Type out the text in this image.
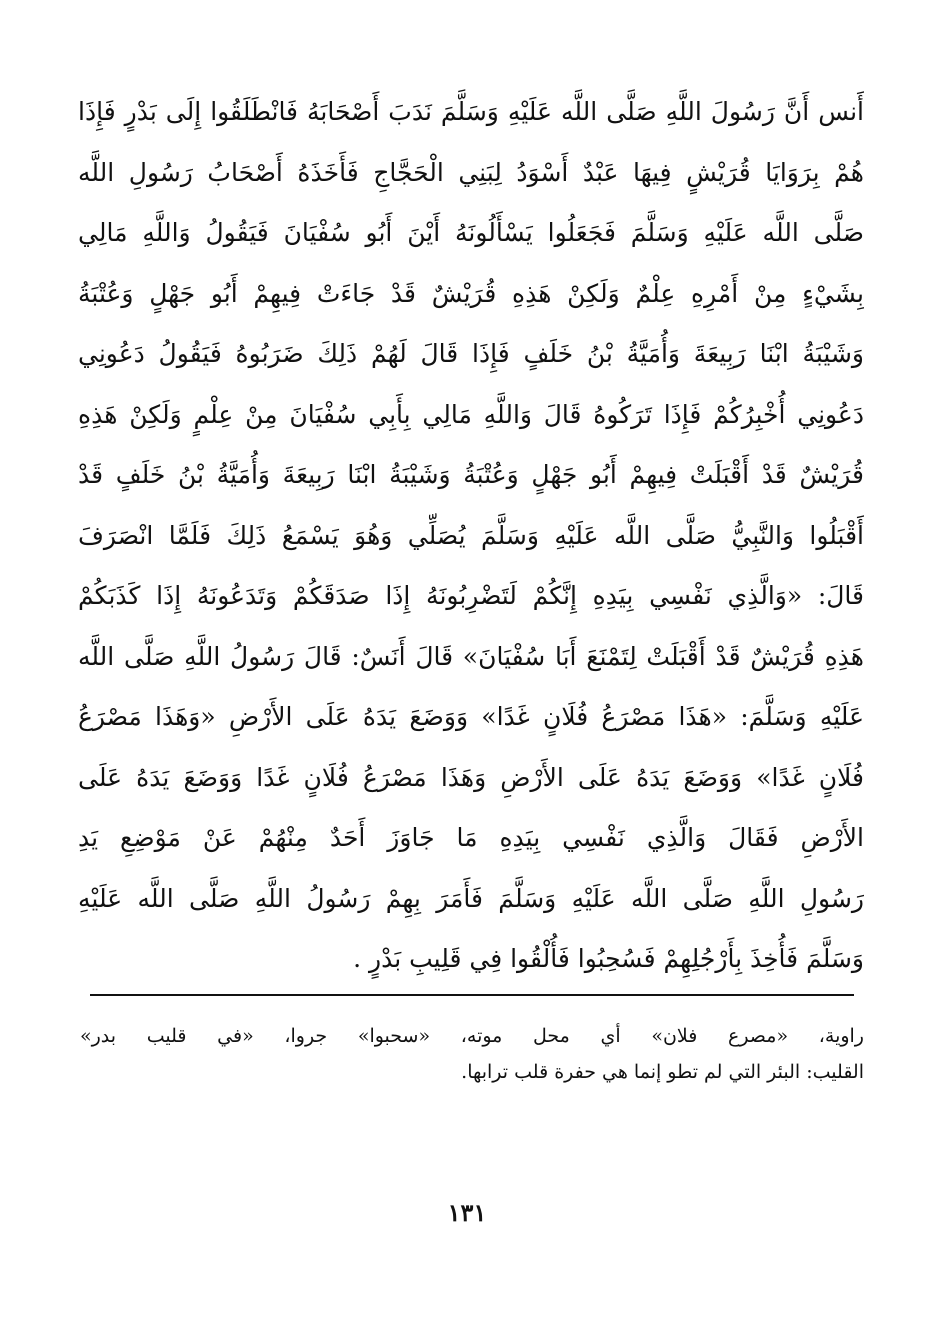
أَنس أَنَّ رَسُولَ اللَّهِ صَلَّى اللَّه عَلَيْهِ وَسَلَّمَ نَدَبَ أَصْحَابَهُ فَانْطَلَقُوا إِلَى بَدْرٍ فَإِذَا
هُمْ بِرَوَايَا قُرَيْشٍ فِيهَا عَبْدٌ أَسْوَدُ لِبَنِي الْحَجَّاجِ فَأَخَذَهُ أَصْحَابُ رَسُولِ اللَّه
صَلَّى اللَّه عَلَيْهِ وَسَلَّمَ فَجَعَلُوا يَسْأَلُونَهُ أَيْنَ أَبُو سُفْيَانَ فَيَقُولُ وَاللَّهِ مَالِي
بِشَيْءٍ مِنْ أَمْرِهِ عِلْمٌ وَلَكِنْ هَذِهِ قُرَيْشٌ قَدْ جَاءَتْ فِيهِمْ أَبُو جَهْلٍ وَعُتْبَةُ
وَشَيْبَةُ ابْنَا رَبِيعَةَ وَأُمَيَّةُ بْنُ خَلَفٍ فَإِذَا قَالَ لَهُمْ ذَلِكَ ضَرَبُوهُ فَيَقُولُ دَعُونِي
دَعُونِي أُخْبِرُكُمْ فَإِذَا تَرَكُوهُ قَالَ وَاللَّهِ مَالِي بِأَبِي سُفْيَانَ مِنْ عِلْمٍ وَلَكِنْ هَذِهِ
قُرَيْشٌ قَدْ أَقْبَلَتْ فِيهِمْ أَبُو جَهْلٍ وَعُتْبَةُ وَشَيْبَةُ ابْنَا رَبِيعَةَ وَأُمَيَّةُ بْنُ خَلَفٍ قَدْ
أَقْبَلُوا وَالنَّبِيُّ صَلَّى اللَّه عَلَيْهِ وَسَلَّمَ يُصَلِّي وَهُوَ يَسْمَعُ ذَلِكَ فَلَمَّا انْصَرَفَ
قَالَ: «وَالَّذِي نَفْسِي بِيَدِهِ إِنَّكُمْ لَتَضْرِبُونَهُ إِذَا صَدَقَكُمْ وَتَدَعُونَهُ إِذَا كَذَبَكُمْ
هَذِهِ قُرَيْشٌ قَدْ أَقْبَلَتْ لِتَمْنَعَ أَبَا سُفْيَانَ» قَالَ أَنَسٌ: قَالَ رَسُولُ اللَّهِ صَلَّى اللَّه
عَلَيْهِ وَسَلَّمَ: «هَذَا مَصْرَعُ فُلَانٍ غَدًا» وَوَضَعَ يَدَهُ عَلَى الأَرْضِ «وَهَذَا مَصْرَعُ
فُلَانٍ غَدًا» وَوَضَعَ يَدَهُ عَلَى الأَرْضِ وَهَذَا مَصْرَعُ فُلَانٍ غَدًا وَوَضَعَ يَدَهُ عَلَى
الأَرْضِ فَقَالَ وَالَّذِي نَفْسِي بِيَدِهِ مَا جَاوَزَ أَحَدٌ مِنْهُمْ عَنْ مَوْضِعِ يَدِ
رَسُولِ اللَّهِ صَلَّى اللَّه عَلَيْهِ وَسَلَّمَ فَأَمَرَ بِهِمْ رَسُولُ اللَّهِ صَلَّى اللَّه عَلَيْهِ
وَسَلَّمَ فَأُخِذَ بِأَرْجُلِهِمْ فَسُحِبُوا فَأُلْقُوا فِي قَلِيبِ بَدْرٍ .
راوية، «مصرع فلان» أي محل موته، «سحبوا» جروا، «في قليب بدر»
القليب: البئر التي لم تطو إنما هي حفرة قلب ترابها.
١٣١
